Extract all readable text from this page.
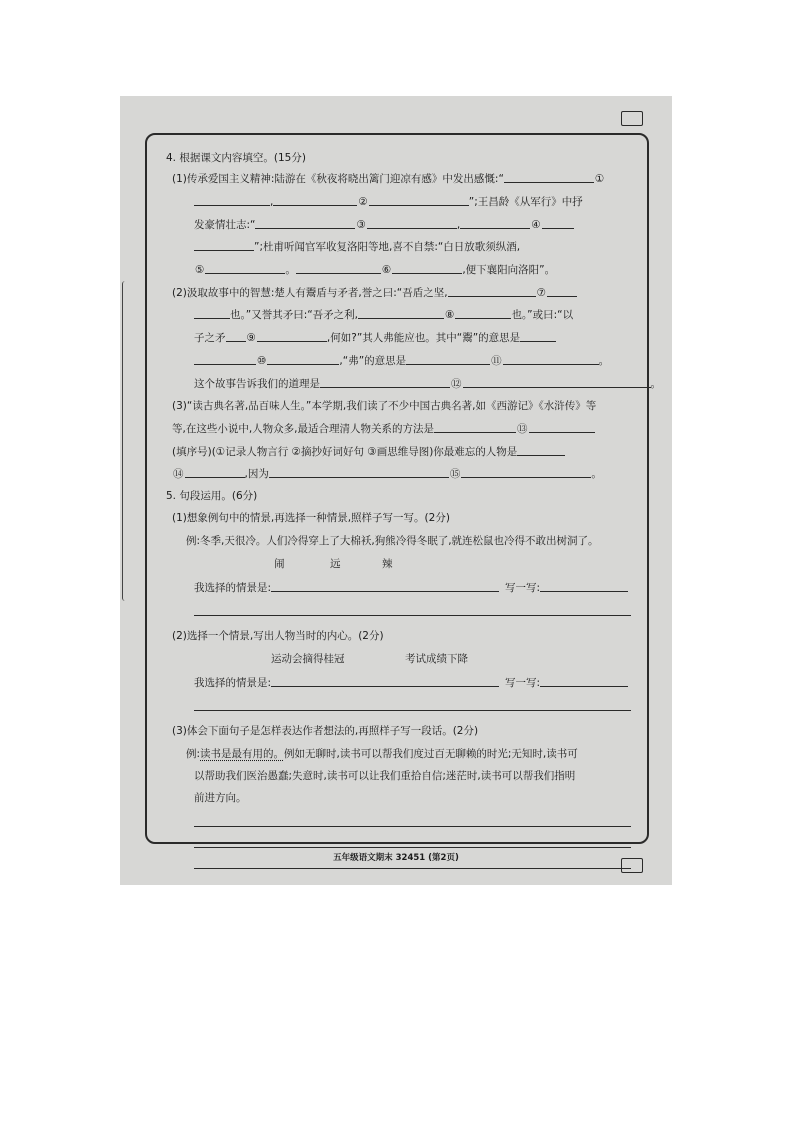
4. 根据课文内容填空。(15分)
(1)传承爱国主义精神:陆游在《秋夜将晓出篱门迎凉有感》中发出感慨:“	①
,	②	”;王昌龄《从军行》中抒
发豪情壮志:“	③	,	④
”;杜甫听闻官军收复洛阳等地,喜不自禁:“白日放歌须纵酒,
⑤	。	⑥	,便下襄阳向洛阳”。
(2)汲取故事中的智慧:楚人有鬻盾与矛者,誉之曰:“吾盾之坚,	⑦
也。”又誉其矛曰:“吾矛之利,	⑧	也。”或曰:“以
子之矛 ⑨	,何如?”其人弗能应也。其中“鬻”的意思是
⑩	,“弗”的意思是	⑪	。
这个故事告诉我们的道理是	⑫	。
(3)“读古典名著,品百味人生。”本学期,我们读了不少中国古典名著,如《西游记》《水浒传》等
等,在这些小说中,人物众多,最适合理清人物关系的方法是	⑬
(填序号)(①记录人物言行 ②摘抄好词好句 ③画思维导图)你最难忘的人物是
⑭	,因为	⑮	。
5. 句段运用。(6分)
(1)想象例句中的情景,再选择一种情景,照样子写一写。(2分)
例:冬季,天很冷。人们冷得穿上了大棉袄,狗熊冷得冬眠了,就连松鼠也冷得不敢出树洞了。
闹	远	辣
我选择的情景是:	写一写:
(2)选择一个情景,写出人物当时的内心。(2分)
运动会摘得桂冠	考试成绩下降
我选择的情景是:	写一写:
(3)体会下面句子是怎样表达作者想法的,再照样子写一段话。(2分)
例:读书是最有用的。例如无聊时,读书可以帮我们度过百无聊赖的时光;无知时,读书可
以帮助我们医治愚蠢;失意时,读书可以让我们重拾自信;迷茫时,读书可以帮我们指明
前进方向。
五年级语文期末 32451 (第2页)
